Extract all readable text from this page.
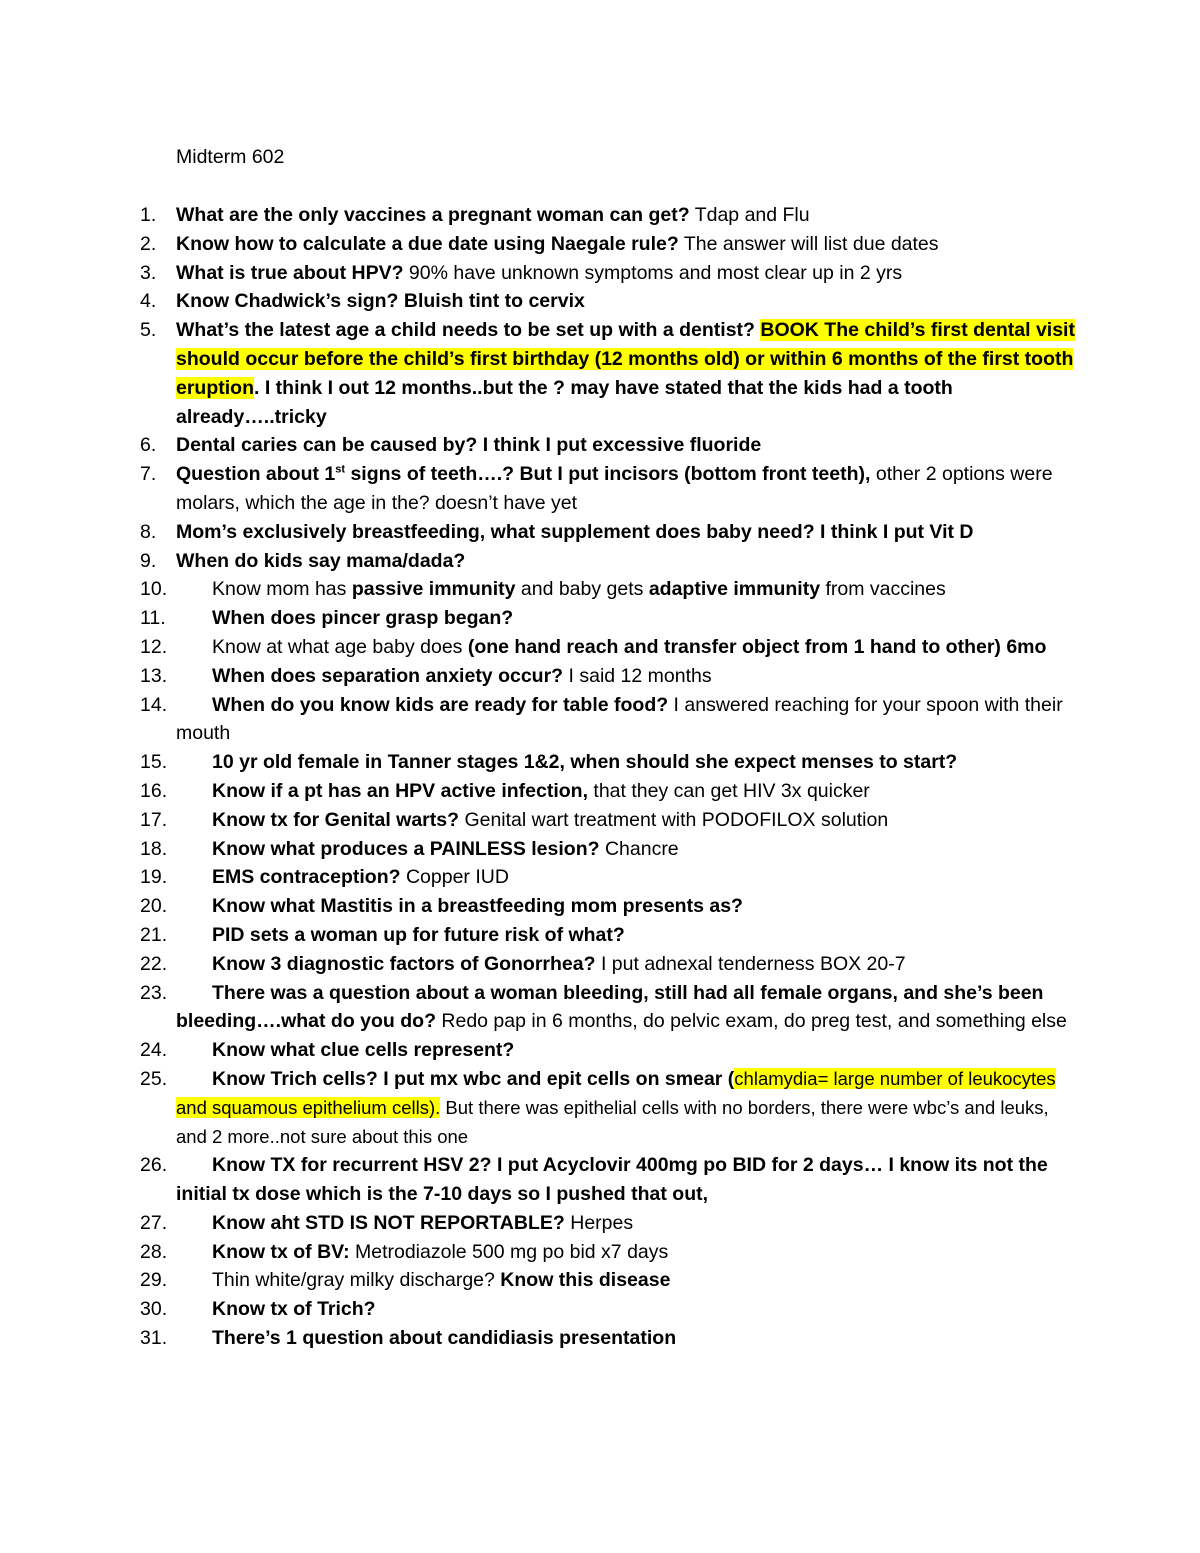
Midterm 602
1. What are the only vaccines a pregnant woman can get? Tdap and Flu
2. Know how to calculate a due date using Naegale rule? The answer will list due dates
3. What is true about HPV? 90% have unknown symptoms and most clear up in 2 yrs
4. Know Chadwick’s sign? Bluish tint to cervix
5. What’s the latest age a child needs to be set up with a dentist? BOOK The child’s first dental visit should occur before the child’s first birthday (12 months old) or within 6 months of the first tooth eruption. I think I out 12 months..but the ? may have stated that the kids had a tooth already…..tricky
6. Dental caries can be caused by? I think I put excessive fluoride
7. Question about 1st signs of teeth….? But I put incisors (bottom front teeth), other 2 options were molars, which the age in the? doesn’t have yet
8. Mom’s exclusively breastfeeding, what supplement does baby need? I think I put Vit D
9. When do kids say mama/dada?
10. Know mom has passive immunity and baby gets adaptive immunity from vaccines
11. When does pincer grasp began?
12. Know at what age baby does (one hand reach and transfer object from 1 hand to other) 6mo
13. When does separation anxiety occur? I said 12 months
14. When do you know kids are ready for table food? I answered reaching for your spoon with their mouth
15. 10 yr old female in Tanner stages 1&2, when should she expect menses to start?
16. Know if a pt has an HPV active infection, that they can get HIV 3x quicker
17. Know tx for Genital warts? Genital wart treatment with PODOFILOX solution
18. Know what produces a PAINLESS lesion? Chancre
19. EMS contraception? Copper IUD
20. Know what Mastitis in a breastfeeding mom presents as?
21. PID sets a woman up for future risk of what?
22. Know 3 diagnostic factors of Gonorrhea? I put adnexal tenderness BOX 20-7
23. There was a question about a woman bleeding, still had all female organs, and she’s been bleeding….what do you do? Redo pap in 6 months, do pelvic exam, do preg test, and something else
24. Know what clue cells represent?
25. Know Trich cells? I put mx wbc and epit cells on smear (chlamydia= large number of leukocytes and squamous epithelium cells). But there was epithelial cells with no borders, there were wbc’s and leuks, and 2 more..not sure about this one
26. Know TX for recurrent HSV 2? I put Acyclovir 400mg po BID for 2 days… I know its not the initial tx dose which is the 7-10 days so I pushed that out,
27. Know aht STD IS NOT REPORTABLE? Herpes
28. Know tx of BV: Metrodiazole 500 mg po bid x7 days
29. Thin white/gray milky discharge? Know this disease
30. Know tx of Trich?
31. There’s 1 question about candidiasis presentation
